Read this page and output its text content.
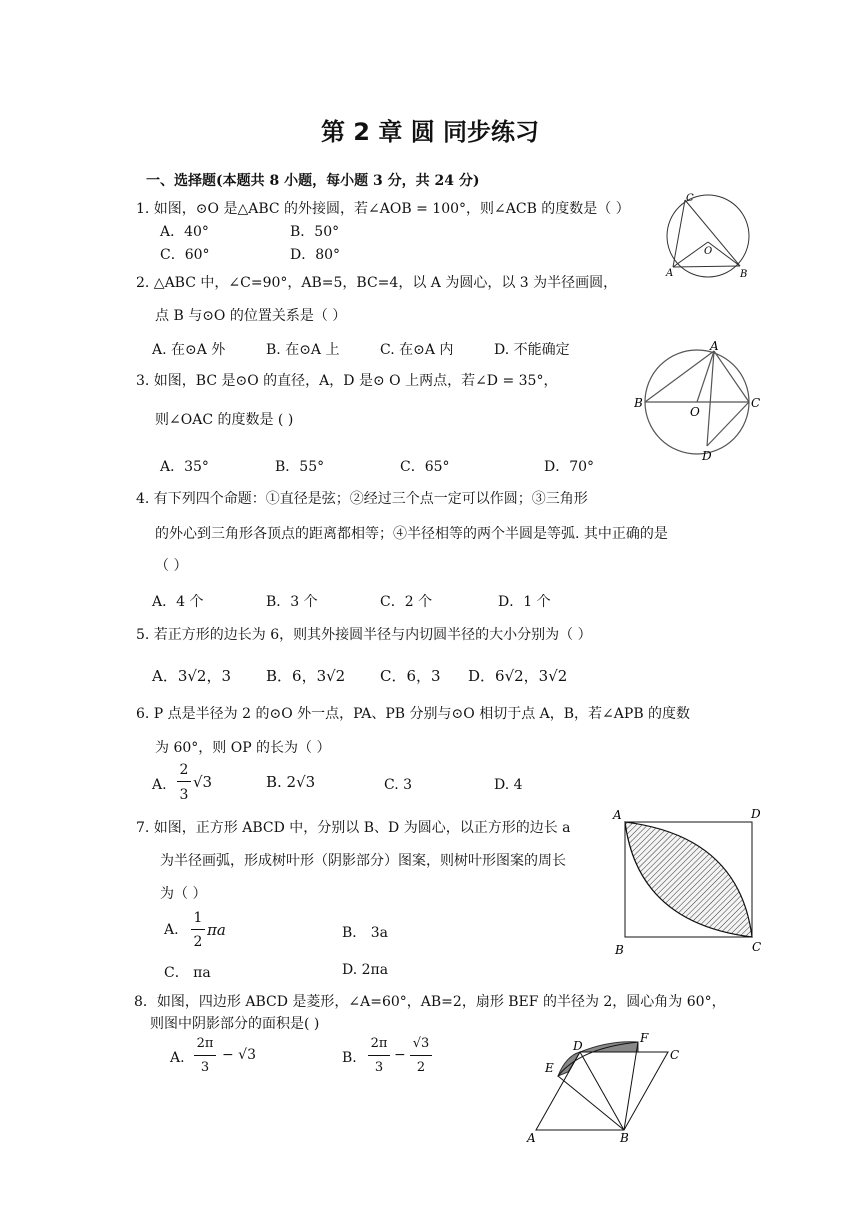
第 2 章 圆 同步练习
一、选择题(本题共 8 小题，每小题 3 分，共 24 分)
1. 如图，⊙O 是△ABC 的外接圆，若∠AOB = 100°，则∠ACB 的度数是（ ）
A．40°	B．50°
C．60°	D．80°
2. △ABC 中，∠C=90°，AB=5，BC=4，以 A 为圆心，以 3 为半径画圆，
点 B 与⊙O 的位置关系是（ ）
A. 在⊙A 外	B. 在⊙A 上	C. 在⊙A 内	D. 不能确定
3. 如图，BC 是⊙O 的直径，A，D 是⊙ O 上两点，若∠D = 35°，
则∠OAC 的度数是 ( )
A．35°	B．55°	C．65°	D．70°
4. 有下列四个命题：①直径是弦；②经过三个点一定可以作圆；③三角形
的外心到三角形各顶点的距离都相等；④半径相等的两个半圆是等弧. 其中正确的是
（ ）
A．4 个	B．3 个	C．2 个	D．1 个
5. 若正方形的边长为 6，则其外接圆半径与内切圆半径的大小分别为（ ）
A．3√2，3 B．6，3√2 C．6，3 D．6√2，3√2
6. P 点是半径为 2 的⊙O 外一点，PA、PB 分别与⊙O 相切于点 A，B，若∠APB 的度数
为 60°，则 OP 的长为（ ）
A.
2
3
√3	B. 2√3	C. 3	D. 4
7. 如图，正方形 ABCD 中，分别以 B、D 为圆心，以正方形的边长 a
为半径画弧，形成树叶形（阴影部分）图案，则树叶形图案的周长
为（ ）
A.
1
2
πa	B． 3a
C． πa	D. 2πa
8．如图，四边形 ABCD 是菱形，∠A=60°，AB=2，扇形 BEF 的半径为 2，圆心角为 60°，
则图中阴影部分的面积是( )
A.
2π
3
− √3	B.
2π
3
−
√3
2
C
O
A	B
A
B
O
C
D
A	D
B	C
D
F
C
E
A	B
